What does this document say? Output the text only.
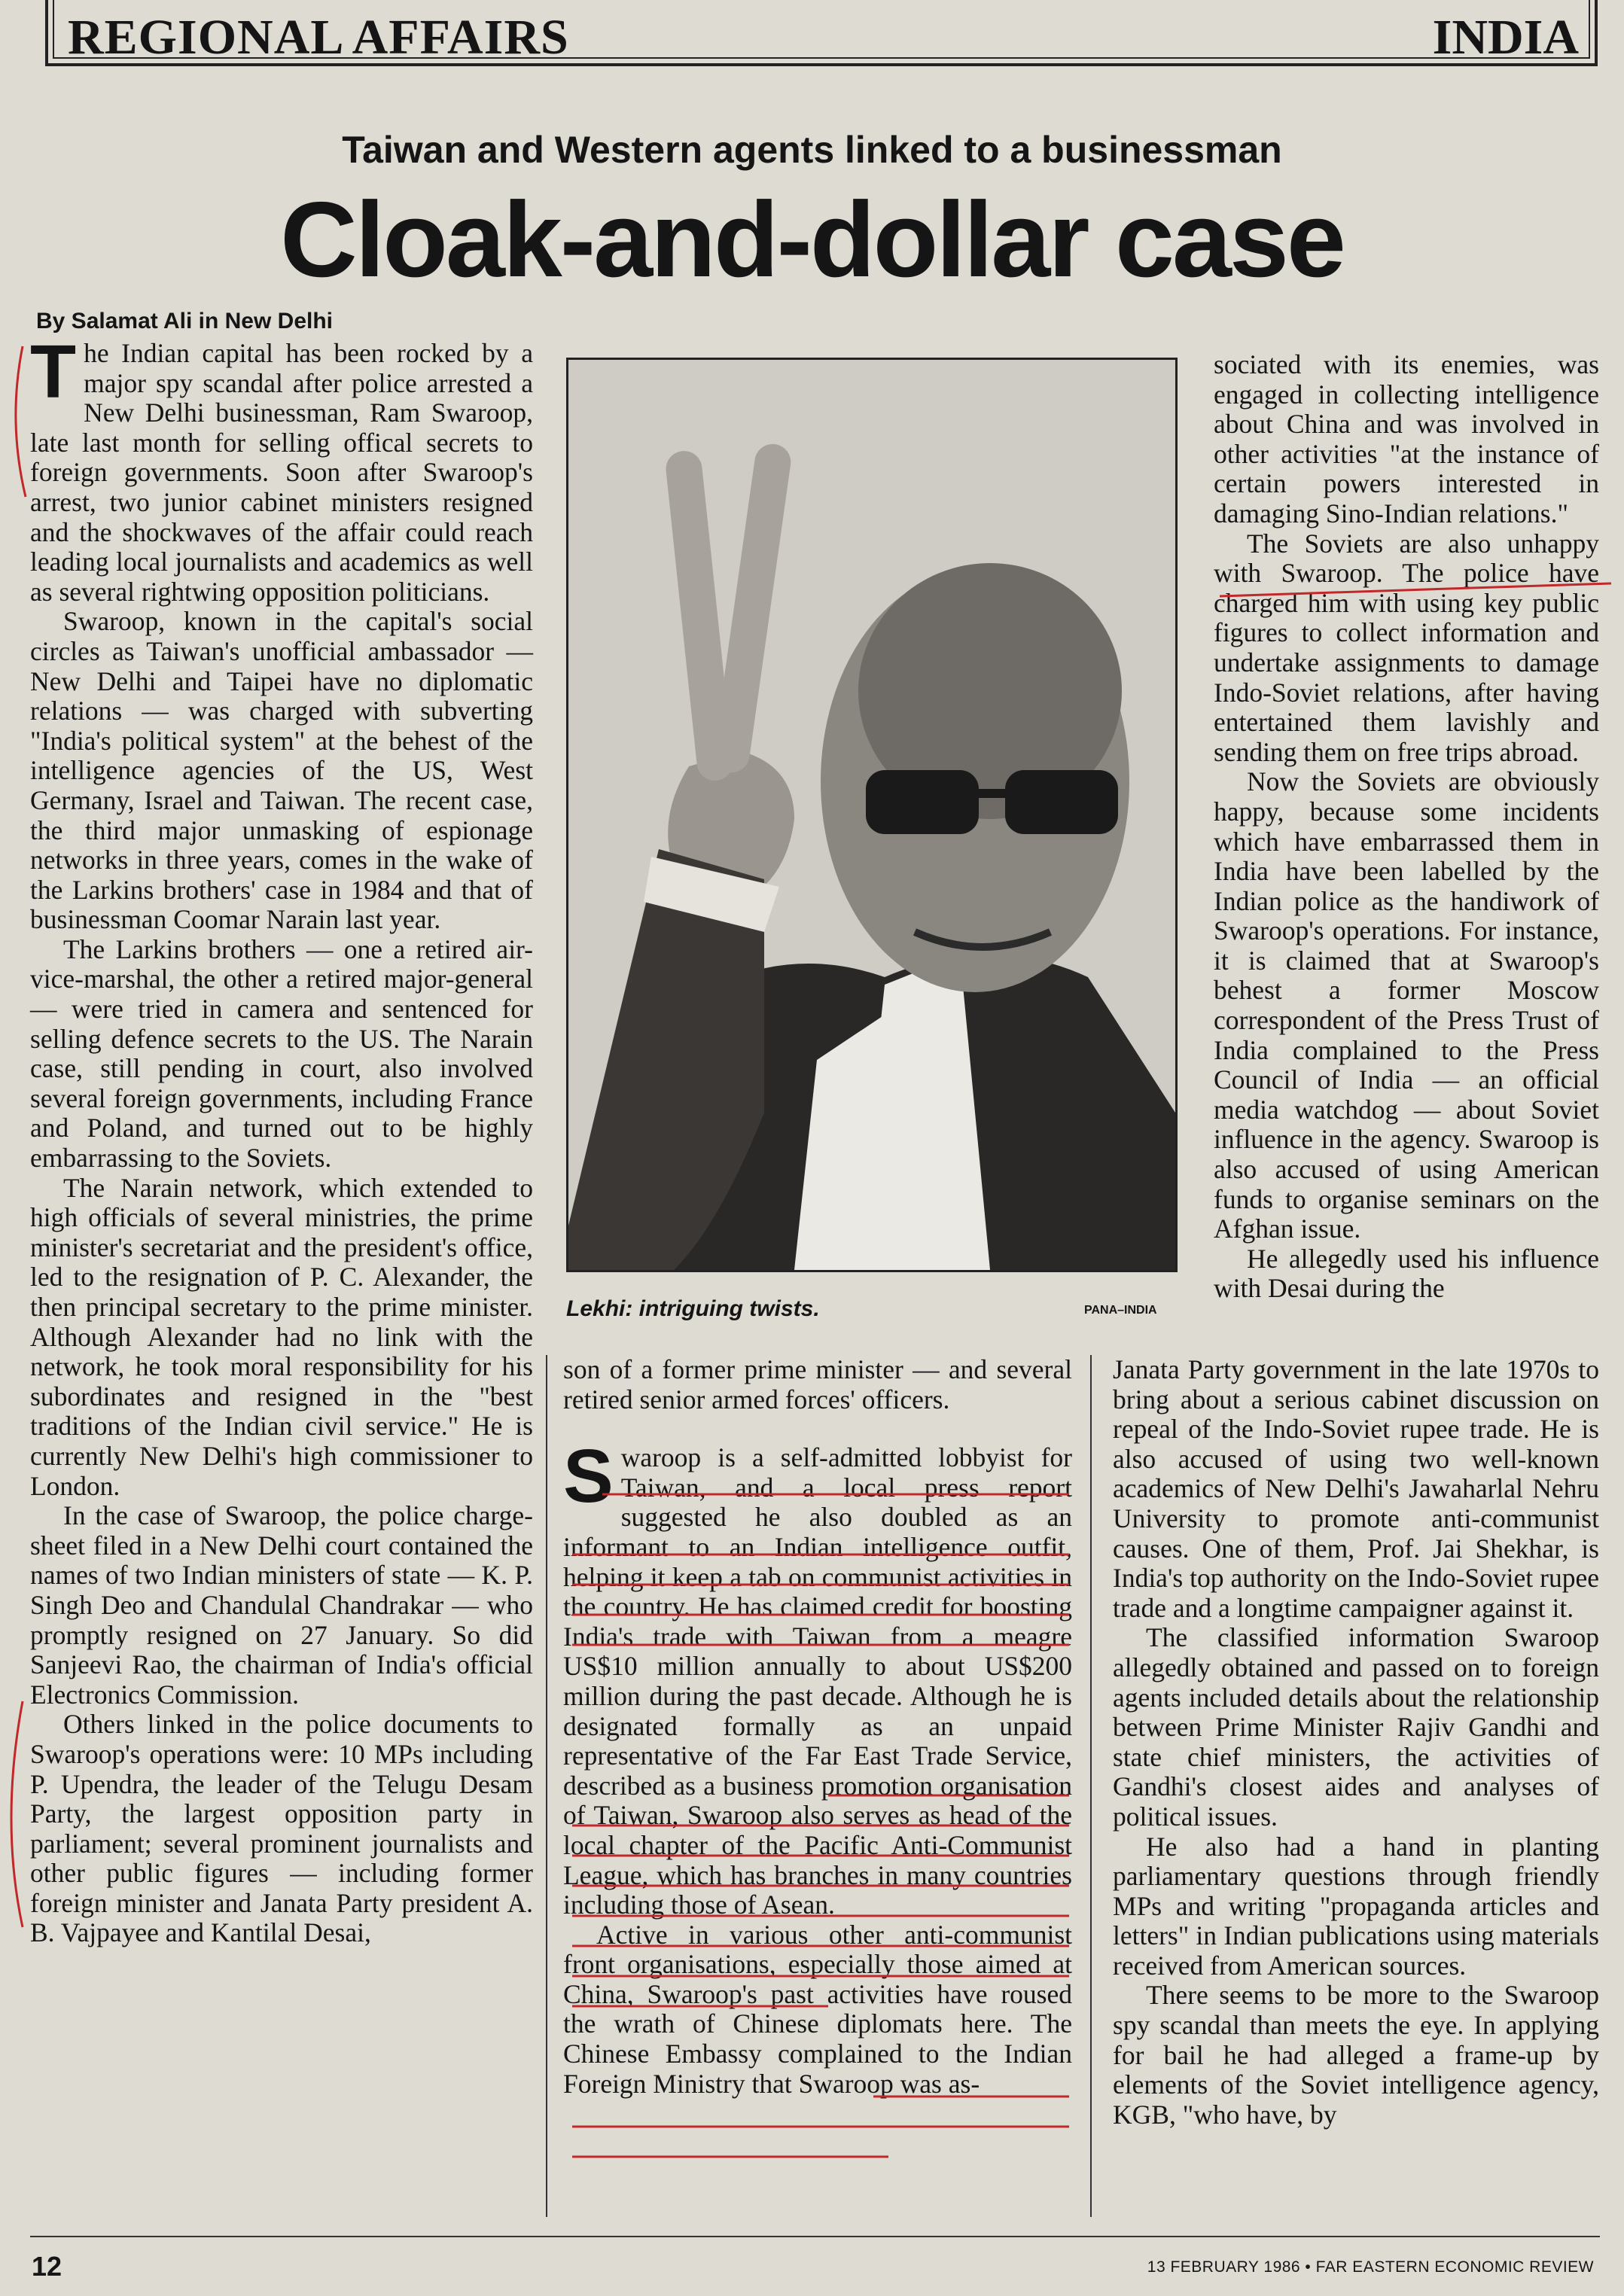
REGIONAL AFFAIRS	INDIA
Taiwan and Western agents linked to a businessman
Cloak-and-dollar case
By Salamat Ali in New Delhi

The Indian capital has been rocked by a major spy scandal after police arrested a New Delhi businessman, Ram Swaroop, late last month for selling offical secrets to foreign governments. Soon after Swaroop's arrest, two junior cabinet ministers resigned and the shockwaves of the affair could reach leading local journalists and academics as well as several rightwing opposition politicians.

Swaroop, known in the capital's social circles as Taiwan's unofficial ambassador — New Delhi and Taipei have no diplomatic relations — was charged with subverting "India's political system" at the behest of the intelligence agencies of the US, West Germany, Israel and Taiwan. The recent case, the third major unmasking of espionage networks in three years, comes in the wake of the Larkins brothers' case in 1984 and that of businessman Coomar Narain last year.

The Larkins brothers — one a retired air-vice-marshal, the other a retired major-general — were tried in camera and sentenced for selling defence secrets to the US. The Narain case, still pending in court, also involved several foreign governments, including France and Poland, and turned out to be highly embarrassing to the Soviets.

The Narain network, which extended to high officials of several ministries, the prime minister's secretariat and the president's office, led to the resignation of P. C. Alexander, the then principal secretary to the prime minister. Although Alexander had no link with the network, he took moral responsibility for his subordinates and resigned in the "best traditions of the Indian civil service." He is currently New Delhi's high commissioner to London.

In the case of Swaroop, the police charge-sheet filed in a New Delhi court contained the names of two Indian ministers of state — K. P. Singh Deo and Chandulal Chandrakar — who promptly resigned on 27 January. So did Sanjeevi Rao, the chairman of India's official Electronics Commission.

Others linked in the police documents to Swaroop's operations were: 10 MPs including P. Upendra, the leader of the Telugu Desam Party, the largest opposition party in parliament; several prominent journalists and other public figures — including former foreign minister and Janata Party president A. B. Vajpayee and Kantilal Desai,

Lekhi: intriguing twists.	PANA–INDIA

sociated with its enemies, was engaged in collecting intelligence about China and was involved in other activities "at the instance of certain powers interested in damaging Sino-Indian relations."

The Soviets are also unhappy with Swaroop. The police have charged him with using key public figures to collect information and undertake assignments to damage Indo-Soviet relations, after having entertained them lavishly and sending them on free trips abroad.

Now the Soviets are obviously happy, because some incidents which have embarrassed them in India have been labelled by the Indian police as the handiwork of Swaroop's operations. For instance, it is claimed that at Swaroop's behest a former Moscow correspondent of the Press Trust of India complained to the Press Council of India — an official media watchdog — about Soviet influence in the agency. Swaroop is also accused of using American funds to organise seminars on the Afghan issue.

He allegedly used his influence with Desai during the

son of a former prime minister — and several retired senior armed forces' officers.

Swaroop is a self-admitted lobbyist for Taiwan, and a local press report suggested he also doubled as an informant to an Indian intelligence outfit, helping it keep a tab on communist activities in the country. He has claimed credit for boosting India's trade with Taiwan from a meagre US$10 million annually to about US$200 million during the past decade. Although he is designated formally as an unpaid representative of the Far East Trade Service, described as a business promotion organisation of Taiwan, Swaroop also serves as head of the local chapter of the Pacific Anti-Communist League, which has branches in many countries including those of Asean.

Active in various other anti-communist front organisations, especially those aimed at China, Swaroop's past activities have roused the wrath of Chinese diplomats here. The Chinese Embassy complained to the Indian Foreign Ministry that Swaroop was as-

Janata Party government in the late 1970s to bring about a serious cabinet discussion on repeal of the Indo-Soviet rupee trade. He is also accused of using two well-known academics of New Delhi's Jawaharlal Nehru University to promote anti-communist causes. One of them, Prof. Jai Shekhar, is India's top authority on the Indo-Soviet rupee trade and a longtime campaigner against it.

The classified information Swaroop allegedly obtained and passed on to foreign agents included details about the relationship between Prime Minister Rajiv Gandhi and state chief ministers, the activities of Gandhi's closest aides and analyses of political issues.

He also had a hand in planting parliamentary questions through friendly MPs and writing "propaganda articles and letters" in Indian publications using materials received from American sources.

There seems to be more to the Swaroop spy scandal than meets the eye. In applying for bail he had alleged a frame-up by elements of the Soviet intelligence agency, KGB, "who have, by

12	13 FEBRUARY 1986 • FAR EASTERN ECONOMIC REVIEW
